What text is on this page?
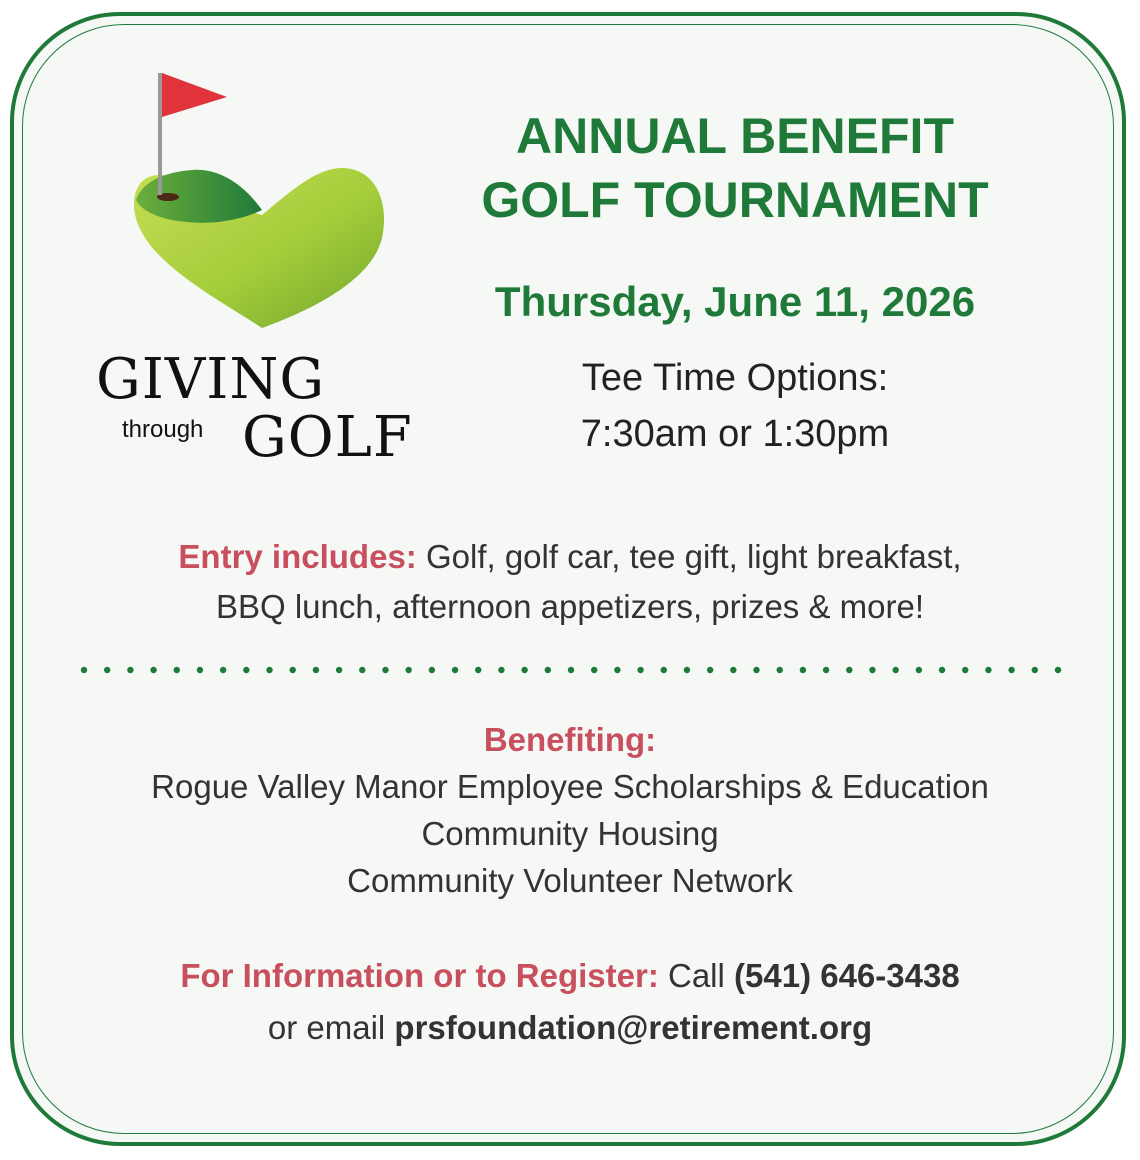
GIVING
through GOLF
ANNUAL BENEFIT
GOLF TOURNAMENT
Thursday, June 11, 2026
Tee Time Options:
7:30am or 1:30pm
Entry includes: Golf, golf car, tee gift, light breakfast,
BBQ lunch, afternoon appetizers, prizes & more!
Benefiting:
Rogue Valley Manor Employee Scholarships & Education
Community Housing
Community Volunteer Network
For Information or to Register: Call (541) 646-3438
or email prsfoundation@retirement.org
